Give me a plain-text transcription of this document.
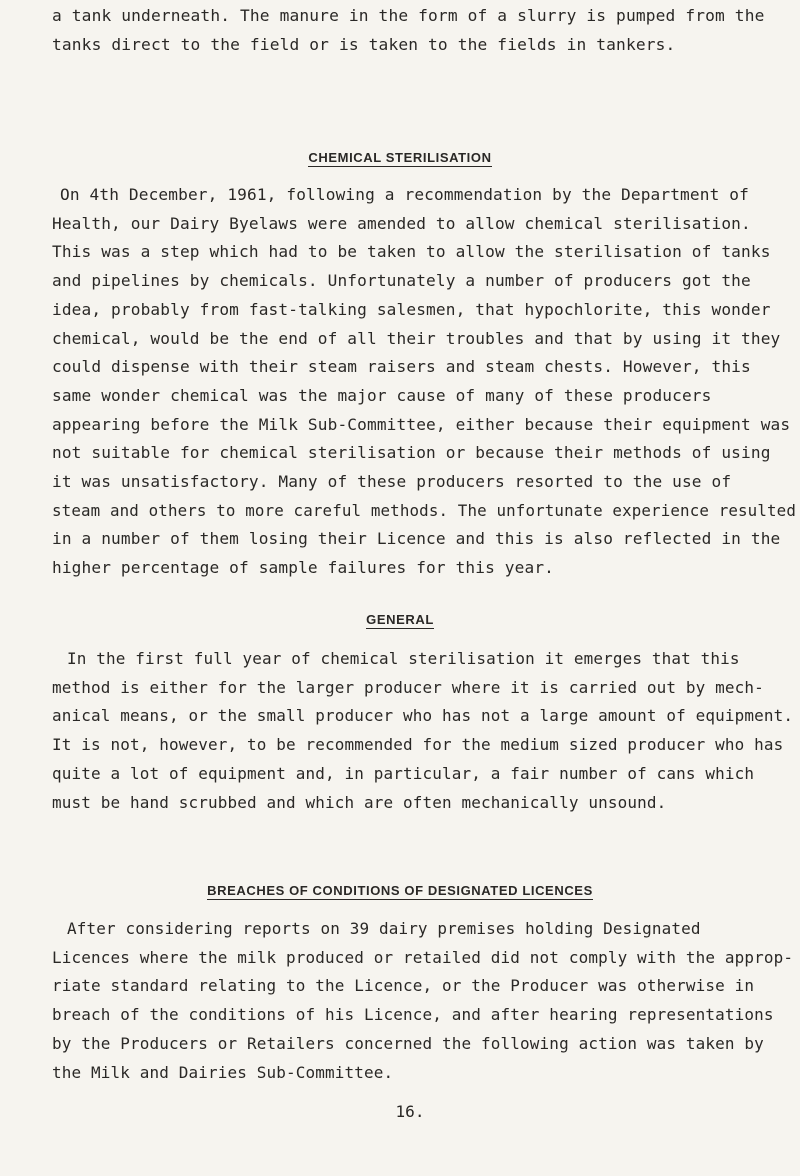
a tank underneath. The manure in the form of a slurry is pumped from the
tanks direct to the field or is taken to the fields in tankers.
CHEMICAL STERILISATION
On 4th December, 1961, following a recommendation by the Department of Health, our Dairy Byelaws were amended to allow chemical sterilisation. This was a step which had to be taken to allow the sterilisation of tanks and pipelines by chemicals. Unfortunately a number of producers got the idea, probably from fast-talking salesmen, that hypochlorite, this wonder chemical, would be the end of all their troubles and that by using it they could dispense with their steam raisers and steam chests. However, this same wonder chemical was the major cause of many of these producers appearing before the Milk Sub-Committee, either because their equipment was not suitable for chemical sterilisation or because their methods of using it was unsatisfactory. Many of these producers resorted to the use of steam and others to more careful methods. The unfortunate experience resulted in a number of them losing their Licence and this is also reflected in the higher percentage of sample failures for this year.
GENERAL
In the first full year of chemical sterilisation it emerges that this method is either for the larger producer where it is carried out by mech- anical means, or the small producer who has not a large amount of equipment. It is not, however, to be recommended for the medium sized producer who has quite a lot of equipment and, in particular, a fair number of cans which must be hand scrubbed and which are often mechanically unsound.
BREACHES OF CONDITIONS OF DESIGNATED LICENCES
After considering reports on 39 dairy premises holding Designated Licences where the milk produced or retailed did not comply with the approp- riate standard relating to the Licence, or the Producer was otherwise in breach of the conditions of his Licence, and after hearing representations by the Producers or Retailers concerned the following action was taken by the Milk and Dairies Sub-Committee.
16.
